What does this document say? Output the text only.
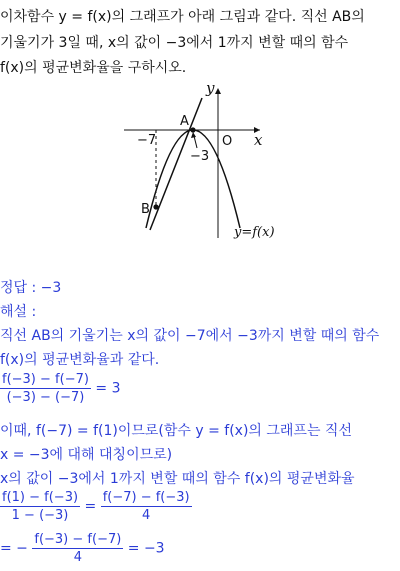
이차함수 y = f(x)의 그래프가 아래 그림과 같다. 직선 AB의
기울기가 3일 때, x의 값이 −3에서 1까지 변할 때의 함수
f(x)의 평균변화율을 구하시오.
y
x
O
A
B
−7
−3
y=f(x)
정답 : −3
해설 :
직선 AB의 기울기는 x의 값이 −7에서 −3까지 변할 때의 함수
f(x)의 평균변화율과 같다.
$\frac{f(-3) - f(-7)}{(-3) - (-7)} = 3$
이때, f(−7) = f(1)이므로(함수 y = f(x)의 그래프는 직선
x = −3에 대해 대칭이므로)
x의 값이 −3에서 1까지 변할 때의 함수 f(x)의 평균변화율
$\frac{f(1) - f(-3)}{1 - (-3)} = \frac{f(-7) - f(-3)}{4}$
= − $\frac{f(-3) - f(-7)}{4} = -3$
